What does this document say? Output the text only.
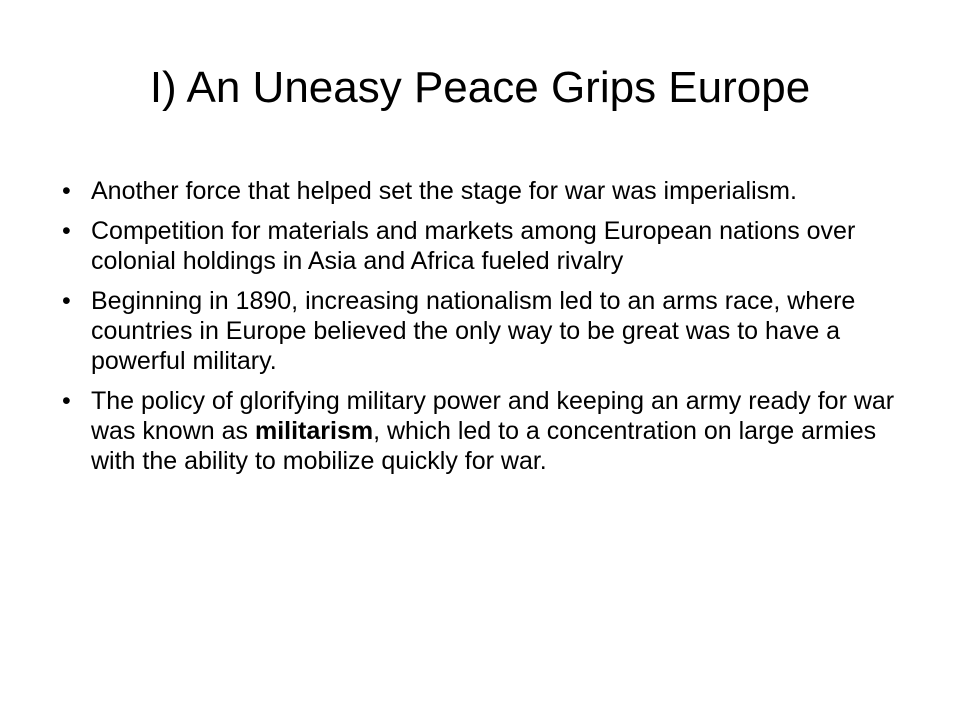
I) An Uneasy Peace Grips Europe
• Another force that helped set the stage for war was imperialism.
• Competition for materials and markets among European nations over colonial holdings in Asia and Africa fueled rivalry
• Beginning in 1890, increasing nationalism led to an arms race, where countries in Europe believed the only way to be great was to have a powerful military.
• The policy of glorifying military power and keeping an army ready for war was known as militarism, which led to a concentration on large armies with the ability to mobilize quickly for war.
